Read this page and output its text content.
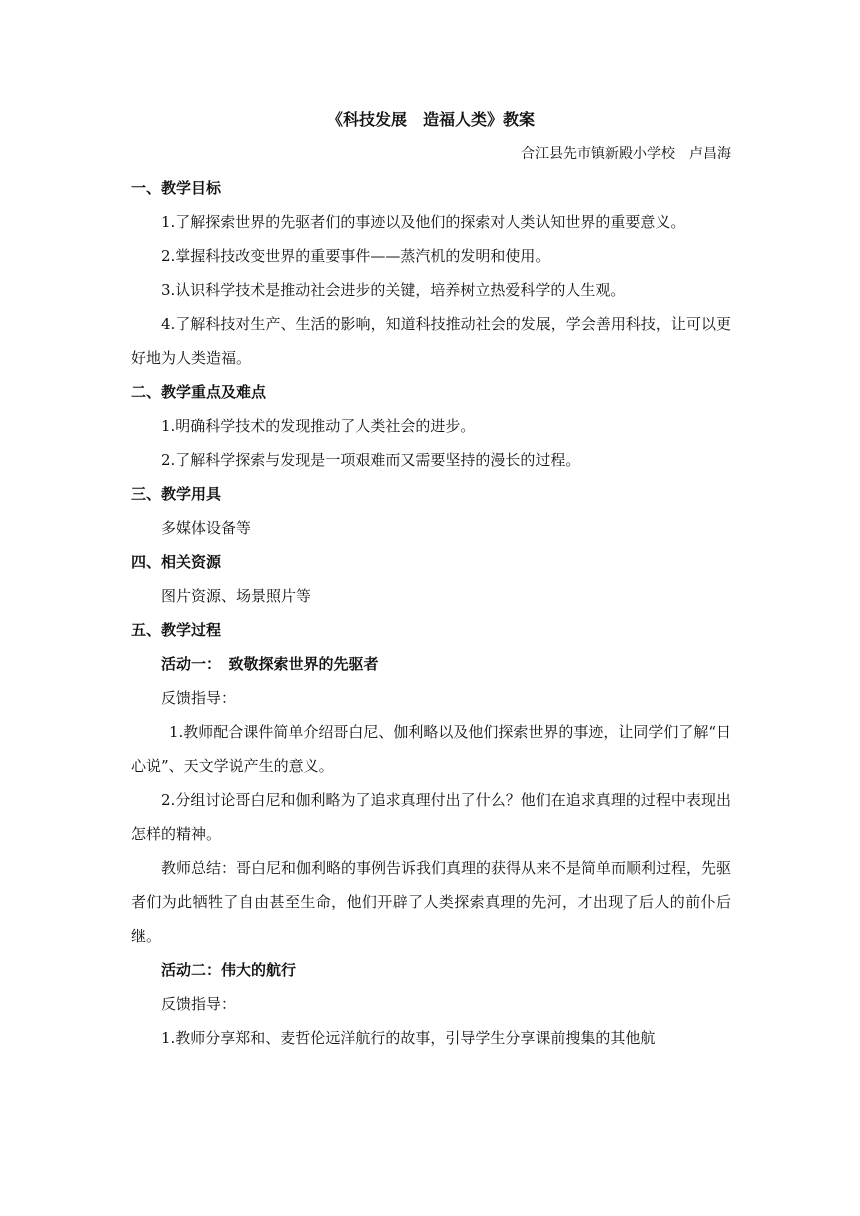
《科技发展　造福人类》教案
合江县先市镇新殿小学校　卢昌海
一、教学目标
1.了解探索世界的先驱者们的事迹以及他们的探索对人类认知世界的重要意义。
2.掌握科技改变世界的重要事件——蒸汽机的发明和使用。
3.认识科学技术是推动社会进步的关键，培养树立热爱科学的人生观。
4.了解科技对生产、生活的影响，知道科技推动社会的发展，学会善用科技，让可以更好地为人类造福。
二、教学重点及难点
1.明确科学技术的发现推动了人类社会的进步。
2.了解科学探索与发现是一项艰难而又需要坚持的漫长的过程。
三、教学用具
多媒体设备等
四、相关资源
图片资源、场景照片等
五、教学过程
活动一：　致敬探索世界的先驱者
反馈指导：
1.教师配合课件简单介绍哥白尼、伽利略以及他们探索世界的事迹，让同学们了解“日心说”、天文学说产生的意义。
2.分组讨论哥白尼和伽利略为了追求真理付出了什么？他们在追求真理的过程中表现出怎样的精神。
教师总结：哥白尼和伽利略的事例告诉我们真理的获得从来不是简单而顺利过程，先驱者们为此牺牲了自由甚至生命，他们开辟了人类探索真理的先河，才出现了后人的前仆后继。
活动二：伟大的航行
反馈指导：
1.教师分享郑和、麦哲伦远洋航行的故事，引导学生分享课前搜集的其他航
